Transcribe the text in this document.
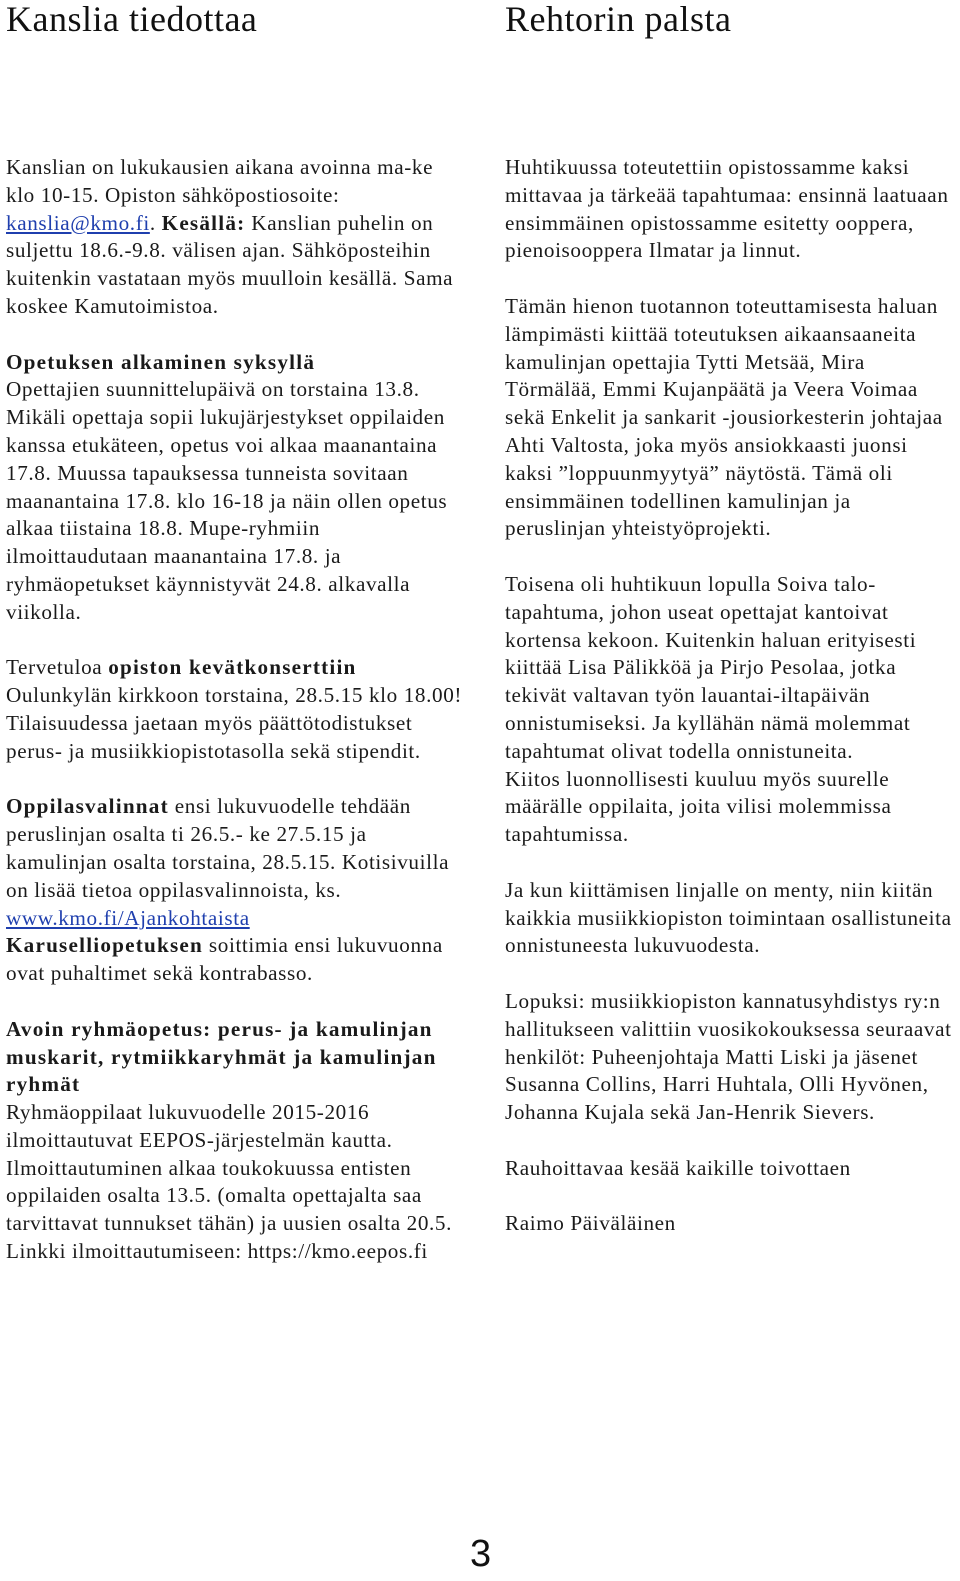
Kanslia tiedottaa

Kanslian on lukukausien aikana avoinna ma-ke klo 10-15. Opiston sähköpostiosoite: kanslia@kmo.fi. Kesällä: Kanslian puhelin on suljettu 18.6.-9.8. välisen ajan. Sähköposteihin kuitenkin vastataan myös muulloin kesällä. Sama koskee Kamutoimistoa.

Opetuksen alkaminen syksyllä
Opettajien suunnittelupäivä on torstaina 13.8. Mikäli opettaja sopii lukujärjestykset oppilaiden kanssa etukäteen, opetus voi alkaa maanantaina 17.8. Muussa tapauksessa tunneista sovitaan maanantaina 17.8. klo 16-18 ja näin ollen opetus alkaa tiistaina 18.8. Mupe-ryhmiin ilmoittaudutaan maanantaina 17.8. ja ryhmäopetukset käynnistyvät 24.8. alkavalla viikolla.

Tervetuloa opiston kevätkonserttiin Oulunkylän kirkkoon torstaina, 28.5.15 klo 18.00! Tilaisuudessa jaetaan myös päättötodistukset perus- ja musiikkiopistotasolla sekä stipendit.

Oppilasvalinnat ensi lukuvuodelle tehdään peruslinjan osalta ti 26.5.- ke 27.5.15 ja kamulinjan osalta torstaina, 28.5.15. Kotisivuilla on lisää tietoa oppilasvalinnoista, ks. www.kmo.fi/Ajankohtaista

Karuselliopetuksen soittimia ensi lukuvuonna ovat puhaltimet sekä kontrabasso.

Avoin ryhmäopetus: perus- ja kamulinjan muskarit, rytmiikkaryhmät ja kamulinjan ryhmät
Ryhmäoppilaat lukuvuodelle 2015-2016 ilmoittautuvat EEPOS-järjestelmän kautta. Ilmoittautuminen alkaa toukokuussa entisten oppilaiden osalta 13.5. (omalta opettajalta saa tarvittavat tunnukset tähän) ja uusien osalta 20.5. Linkki ilmoittautumiseen: https://kmo.eepos.fi

Rehtorin palsta

Huhtikuussa toteutettiin opistossamme kaksi mittavaa ja tärkeää tapahtumaa: ensinnä laatuaan ensimmäinen opistossamme esitetty ooppera, pienoisooppera Ilmatar ja linnut.

Tämän hienon tuotannon toteuttamisesta haluan lämpimästi kiittää toteutuksen aikaansaaneita kamulinjan opettajia Tytti Metsää, Mira Törmälää, Emmi Kujanpäätä ja Veera Voimaa sekä Enkelit ja sankarit -jousiorkesterin johtajaa Ahti Valtosta, joka myös ansiokkaasti juonsi kaksi ”loppuunmyytyä” näytöstä. Tämä oli ensimmäinen todellinen kamulinjan ja peruslinjan yhteistyöprojekti.

Toisena oli huhtikuun lopulla Soiva talo-tapahtuma, johon useat opettajat kantoivat kortensa kekoon. Kuitenkin haluan erityisesti kiittää Lisa Pälikköä ja Pirjo Pesolaa, jotka tekivät valtavan työn lauantai-iltapäivän onnistumiseksi. Ja kyllähän nämä molemmat tapahtumat olivat todella onnistuneita.

Kiitos luonnollisesti kuuluu myös suurelle määrälle oppilaita, joita vilisi molemmissa tapahtumissa.

Ja kun kiittämisen linjalle on menty, niin kiitän kaikkia musiikkiopiston toimintaan osallistuneita onnistuneesta lukuvuodesta.

Lopuksi: musiikkiopiston kannatusyhdistys ry:n hallitukseen valittiin vuosikokouksessa seuraavat henkilöt: Puheenjohtaja Matti Liski ja jäsenet Susanna Collins, Harri Huhtala, Olli Hyvönen, Johanna Kujala sekä Jan-Henrik Sievers.

Rauhoittavaa kesää kaikille toivottaen

Raimo Päiväläinen

3
